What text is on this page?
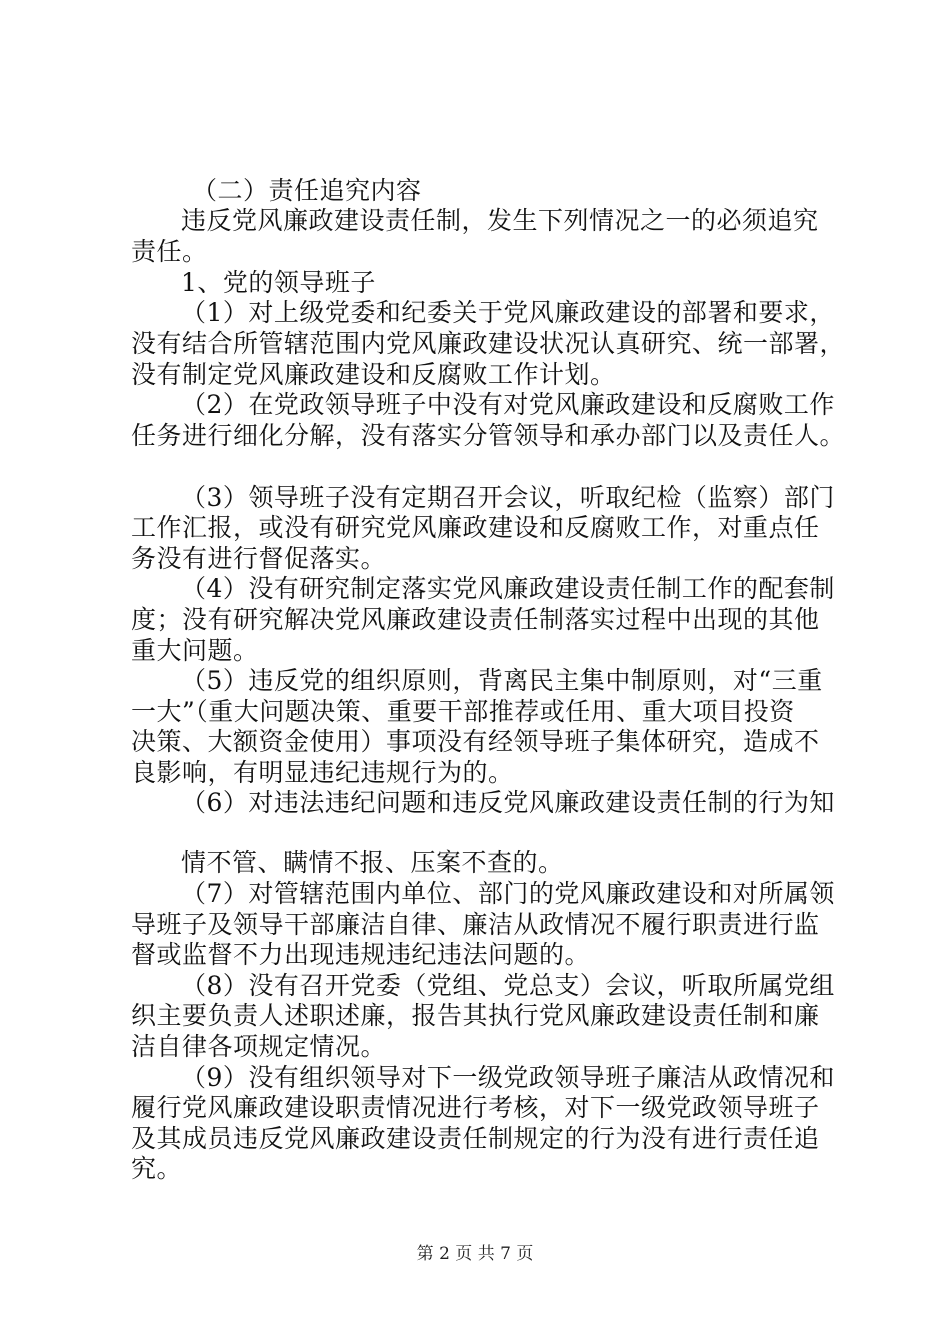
（二）责任追究内容
违反党风廉政建设责任制，发生下列情况之一的必须追究
责任。
1、党的领导班子
（1）对上级党委和纪委关于党风廉政建设的部署和要求，
没有结合所管辖范围内党风廉政建设状况认真研究、统一部署，
没有制定党风廉政建设和反腐败工作计划。
（2）在党政领导班子中没有对党风廉政建设和反腐败工作
任务进行细化分解，没有落实分管领导和承办部门以及责任人。
（3）领导班子没有定期召开会议，听取纪检（监察）部门
工作汇报，或没有研究党风廉政建设和反腐败工作，对重点任
务没有进行督促落实。
（4）没有研究制定落实党风廉政建设责任制工作的配套制
度；没有研究解决党风廉政建设责任制落实过程中出现的其他
重大问题。
（5）违反党的组织原则，背离民主集中制原则，对“三重
一大”（重大问题决策、重要干部推荐或任用、重大项目投资
决策、大额资金使用）事项没有经领导班子集体研究，造成不
良影响，有明显违纪违规行为的。
（6）对违法违纪问题和违反党风廉政建设责任制的行为知
情不管、瞒情不报、压案不查的。
（7）对管辖范围内单位、部门的党风廉政建设和对所属领
导班子及领导干部廉洁自律、廉洁从政情况不履行职责进行监
督或监督不力出现违规违纪违法问题的。
（8）没有召开党委（党组、党总支）会议，听取所属党组
织主要负责人述职述廉，报告其执行党风廉政建设责任制和廉
洁自律各项规定情况。
（9）没有组织领导对下一级党政领导班子廉洁从政情况和
履行党风廉政建设职责情况进行考核，对下一级党政领导班子
及其成员违反党风廉政建设责任制规定的行为没有进行责任追
究。
第 2 页 共 7 页
